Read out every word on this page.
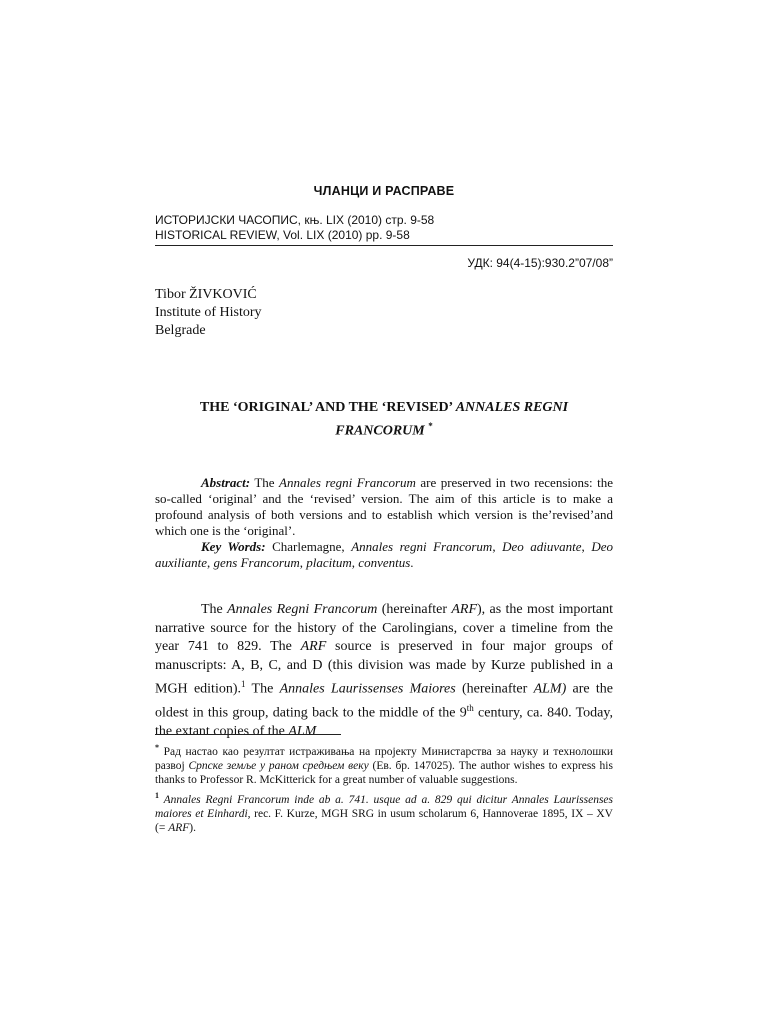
ЧЛАНЦИ И РАСПРАВЕ
ИСТОРИЈСКИ ЧАСОПИС, књ. LIX (2010) стр. 9-58
HISTORICAL REVIEW, Vol. LIX (2010) pp. 9-58
УДК: 94(4-15):930.2”07/08”
Tibor ŽIVKOVIĆ
Institute of History
Belgrade
THE ‘ORIGINAL’ AND THE ‘REVISED’ ANNALES REGNI FRANCORUM *

Abstract: The Annales regni Francorum are preserved in two recensions: the so-called ‘original’ and the ‘revised’ version. The aim of this article is to make a profound analysis of both versions and to establish which version is the’revised’and which one is the ‘original’.

Key Words: Charlemagne, Annales regni Francorum, Deo adiuvante, Deo auxiliante, gens Francorum, placitum, conventus.

The Annales Regni Francorum (hereinafter ARF), as the most important narrative source for the history of the Carolingians, cover a timeline from the year 741 to 829. The ARF source is preserved in four major groups of manuscripts: A, B, C, and D (this division was made by Kurze published in a MGH edition).$^1$ The Annales Laurissenses Maiores (hereinafter ALM) are the oldest in this group, dating back to the middle of the 9th century, ca. 840. Today, the extant copies of the ALM

* Рад настао као резултат истраживања на пројекту Министарства за науку и технолошки развој Српске земље у раном средњем веку (Ев. бр. 147025). The author wishes to express his thanks to Professor R. McKitterick for a great number of valuable suggestions.

$^1$ Annales Regni Francorum inde ab a. 741. usque ad a. 829 qui dicitur Annales Laurissenses maiores et Einhardi, rec. F. Kurze, MGH SRG in usum scholarum 6, Hannoverae 1895, IX – XV (= ARF).
